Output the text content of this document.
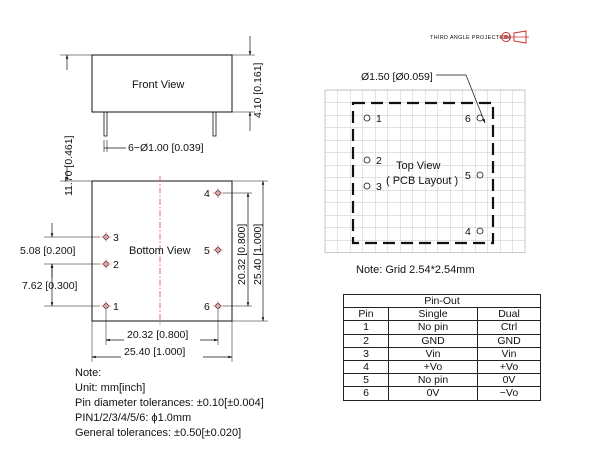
THIRD ANGLE PROJECTION
Front View	4.10 [0.161]
6−Ø1.00 [0.039]
11.70 [0.461]
Bottom View
4
5
6
3
2
1
5.08 [0.200]
7.62 [0.300]
20.32 [0.800] 25.40 [1.000]
20.32 [0.800]
25.40 [1.000]
Ø1.50 [Ø0.059]
1
2
3
6
5
4
Top View
( PCB Layout )
Note: Grid 2.54*2.54mm
Pin-Out		
Pin	Single	Dual
1	No pin	Ctrl
2	GND	GND
3	Vin	Vin
4	+Vo	+Vo
5	No pin	0V
6	0V	−Vo
Note:
Unit: mm[inch]
Pin diameter tolerances: ±0.10[±0.004]
PIN1/2/3/4/5/6: ϕ1.0mm
General tolerances: ±0.50[±0.020]
